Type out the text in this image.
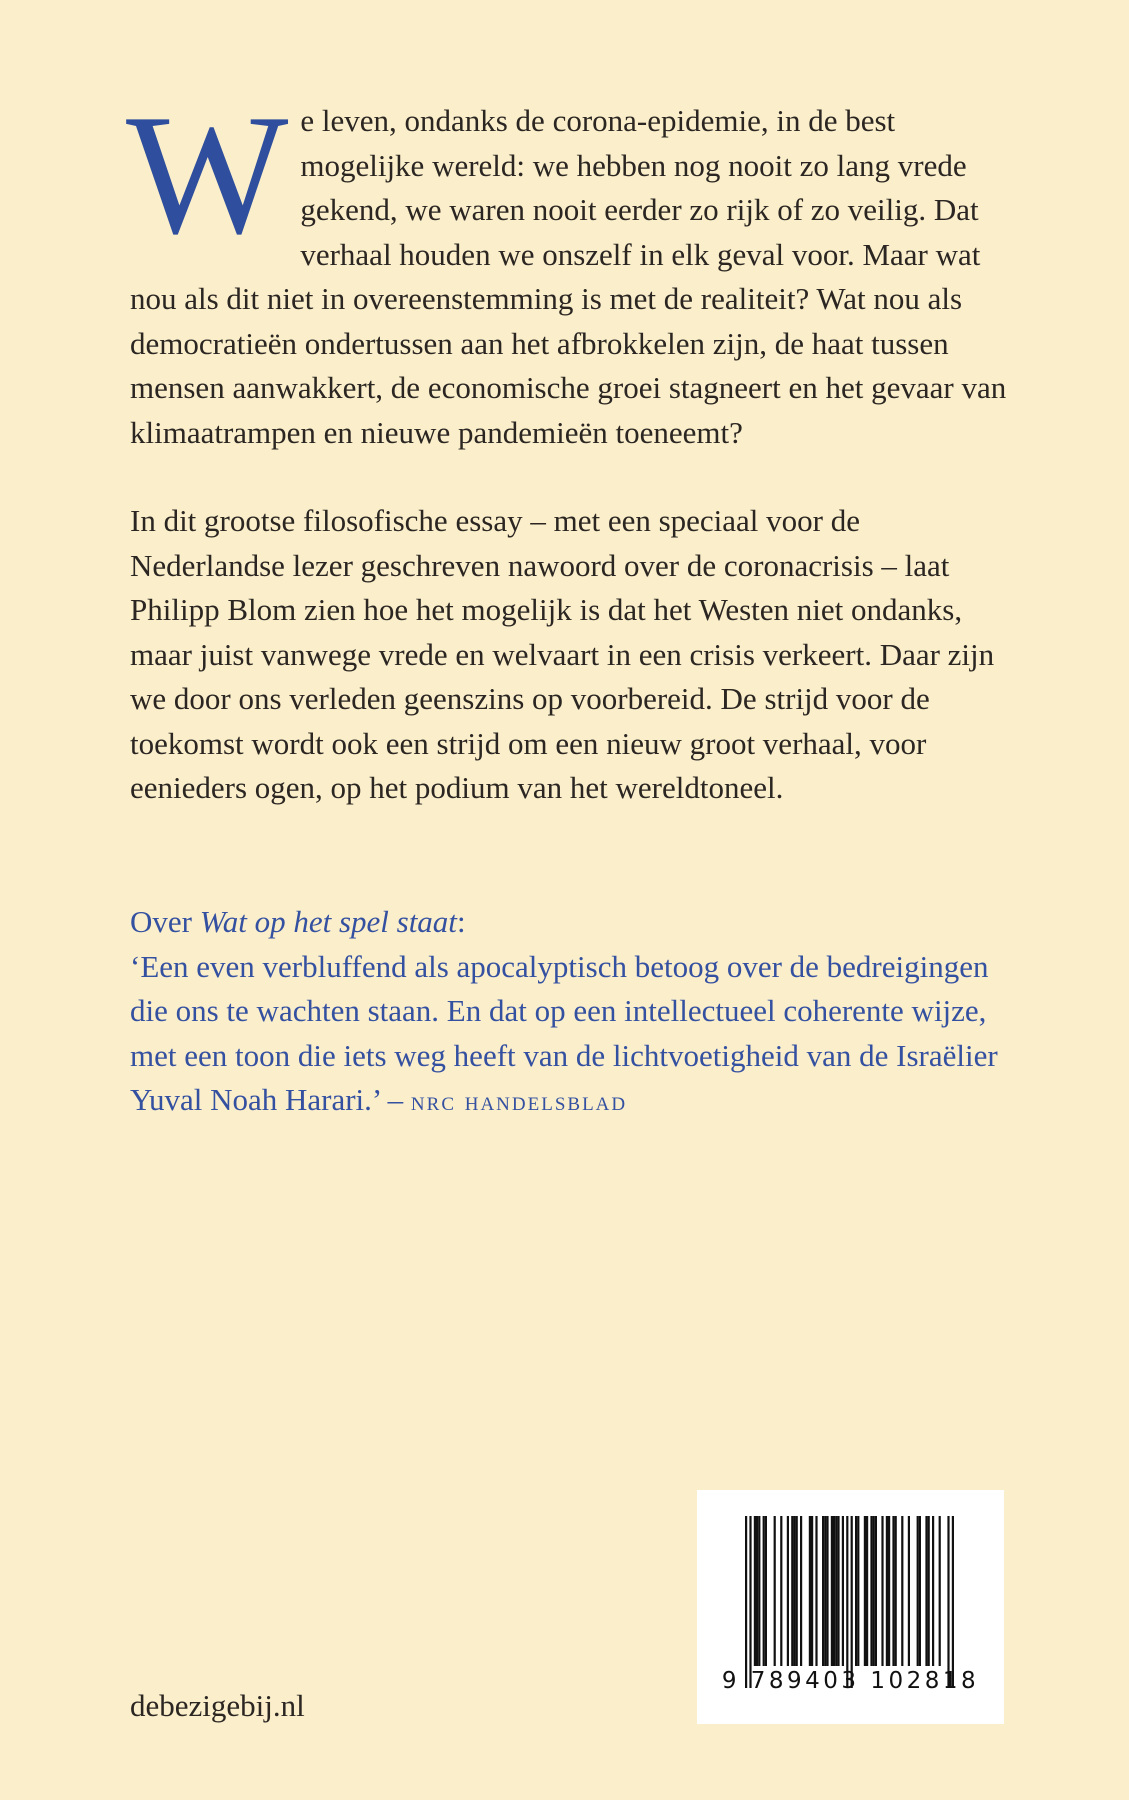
W e leven, ondanks de corona-epidemie, in de best mogelijke wereld: we hebben nog nooit zo lang vrede gekend, we waren nooit eerder zo rijk of zo veilig. Dat verhaal houden we onszelf in elk geval voor. Maar wat nou als dit niet in overeenstemming is met de realiteit? Wat nou als democratieën ondertussen aan het afbrokkelen zijn, de haat tussen mensen aanwakkert, de economische groei stagneert en het gevaar van klimaatrampen en nieuwe pandemieën toeneemt?

In dit grootse filosofische essay – met een speciaal voor de Nederlandse lezer geschreven nawoord over de coronacrisis – laat Philipp Blom zien hoe het mogelijk is dat het Westen niet ondanks, maar juist vanwege vrede en welvaart in een crisis verkeert. Daar zijn we door ons verleden geenszins op voorbereid. De strijd voor de toekomst wordt ook een strijd om een nieuw groot verhaal, voor eenieders ogen, op het podium van het wereldtoneel.

Over Wat op het spel staat:

‘Een even verbluffend als apocalyptisch betoog over de bedreigingen die ons te wachten staan. En dat op een intellectueel coherente wijze, met een toon die iets weg heeft van de lichtvoetigheid van de Israëlier Yuval Noah Harari.’ – nrc handelsblad

9 789403 102818
debezigebij.nl
